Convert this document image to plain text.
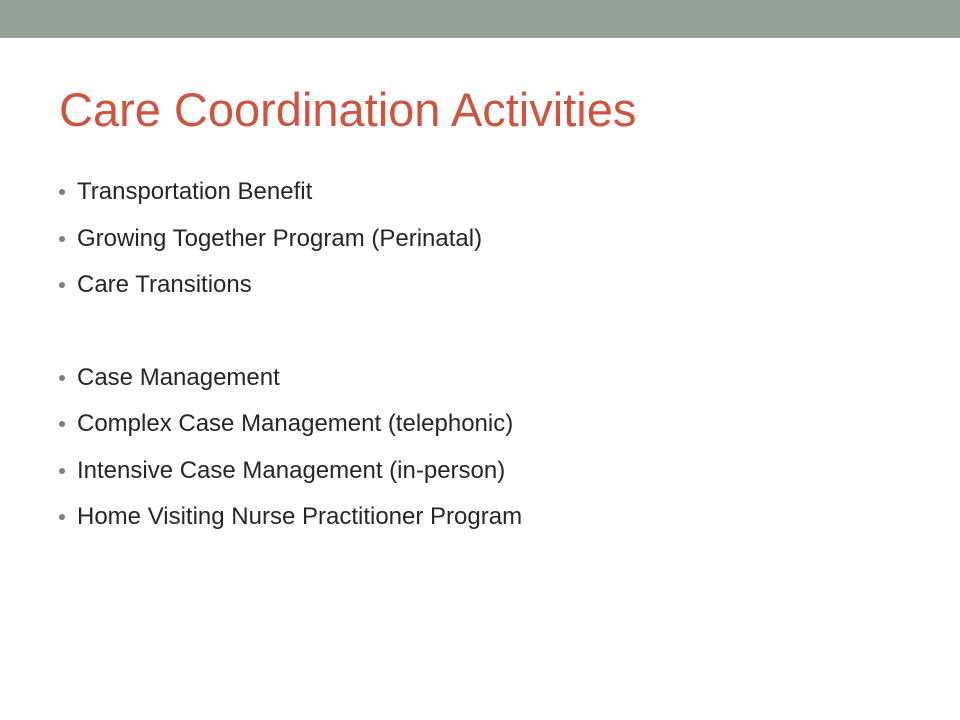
Care Coordination Activities
Transportation Benefit
Growing Together Program (Perinatal)
Care Transitions
Case Management
Complex Case Management (telephonic)
Intensive Case Management (in-person)
Home Visiting Nurse Practitioner Program
